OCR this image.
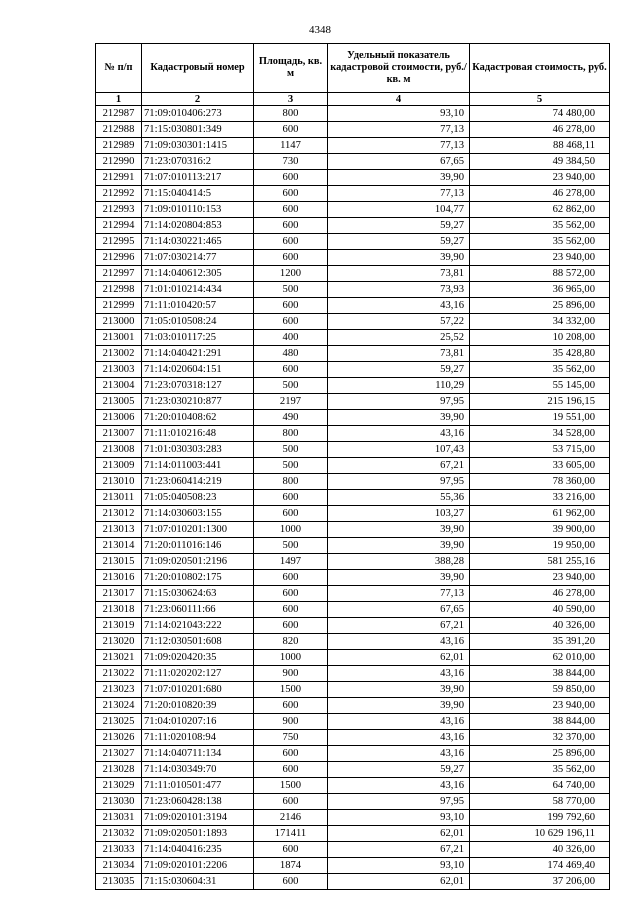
4348
№ п/п	Кадастровый номер	Площадь, кв. м	Удельный показатель кадастровой стоимости, руб./кв. м	Кадастровая стоимость, руб.
1	2	3	4	5
212987	71:09:010406:273	800	93,10	74 480,00
212988	71:15:030801:349	600	77,13	46 278,00
212989	71:09:030301:1415	1147	77,13	88 468,11
212990	71:23:070316:2	730	67,65	49 384,50
212991	71:07:010113:217	600	39,90	23 940,00
212992	71:15:040414:5	600	77,13	46 278,00
212993	71:09:010110:153	600	104,77	62 862,00
212994	71:14:020804:853	600	59,27	35 562,00
212995	71:14:030221:465	600	59,27	35 562,00
212996	71:07:030214:77	600	39,90	23 940,00
212997	71:14:040612:305	1200	73,81	88 572,00
212998	71:01:010214:434	500	73,93	36 965,00
212999	71:11:010420:57	600	43,16	25 896,00
213000	71:05:010508:24	600	57,22	34 332,00
213001	71:03:010117:25	400	25,52	10 208,00
213002	71:14:040421:291	480	73,81	35 428,80
213003	71:14:020604:151	600	59,27	35 562,00
213004	71:23:070318:127	500	110,29	55 145,00
213005	71:23:030210:877	2197	97,95	215 196,15
213006	71:20:010408:62	490	39,90	19 551,00
213007	71:11:010216:48	800	43,16	34 528,00
213008	71:01:030303:283	500	107,43	53 715,00
213009	71:14:011003:441	500	67,21	33 605,00
213010	71:23:060414:219	800	97,95	78 360,00
213011	71:05:040508:23	600	55,36	33 216,00
213012	71:14:030603:155	600	103,27	61 962,00
213013	71:07:010201:1300	1000	39,90	39 900,00
213014	71:20:011016:146	500	39,90	19 950,00
213015	71:09:020501:2196	1497	388,28	581 255,16
213016	71:20:010802:175	600	39,90	23 940,00
213017	71:15:030624:63	600	77,13	46 278,00
213018	71:23:060111:66	600	67,65	40 590,00
213019	71:14:021043:222	600	67,21	40 326,00
213020	71:12:030501:608	820	43,16	35 391,20
213021	71:09:020420:35	1000	62,01	62 010,00
213022	71:11:020202:127	900	43,16	38 844,00
213023	71:07:010201:680	1500	39,90	59 850,00
213024	71:20:010820:39	600	39,90	23 940,00
213025	71:04:010207:16	900	43,16	38 844,00
213026	71:11:020108:94	750	43,16	32 370,00
213027	71:14:040711:134	600	43,16	25 896,00
213028	71:14:030349:70	600	59,27	35 562,00
213029	71:11:010501:477	1500	43,16	64 740,00
213030	71:23:060428:138	600	97,95	58 770,00
213031	71:09:020101:3194	2146	93,10	199 792,60
213032	71:09:020501:1893	171411	62,01	10 629 196,11
213033	71:14:040416:235	600	67,21	40 326,00
213034	71:09:020101:2206	1874	93,10	174 469,40
213035	71:15:030604:31	600	62,01	37 206,00
